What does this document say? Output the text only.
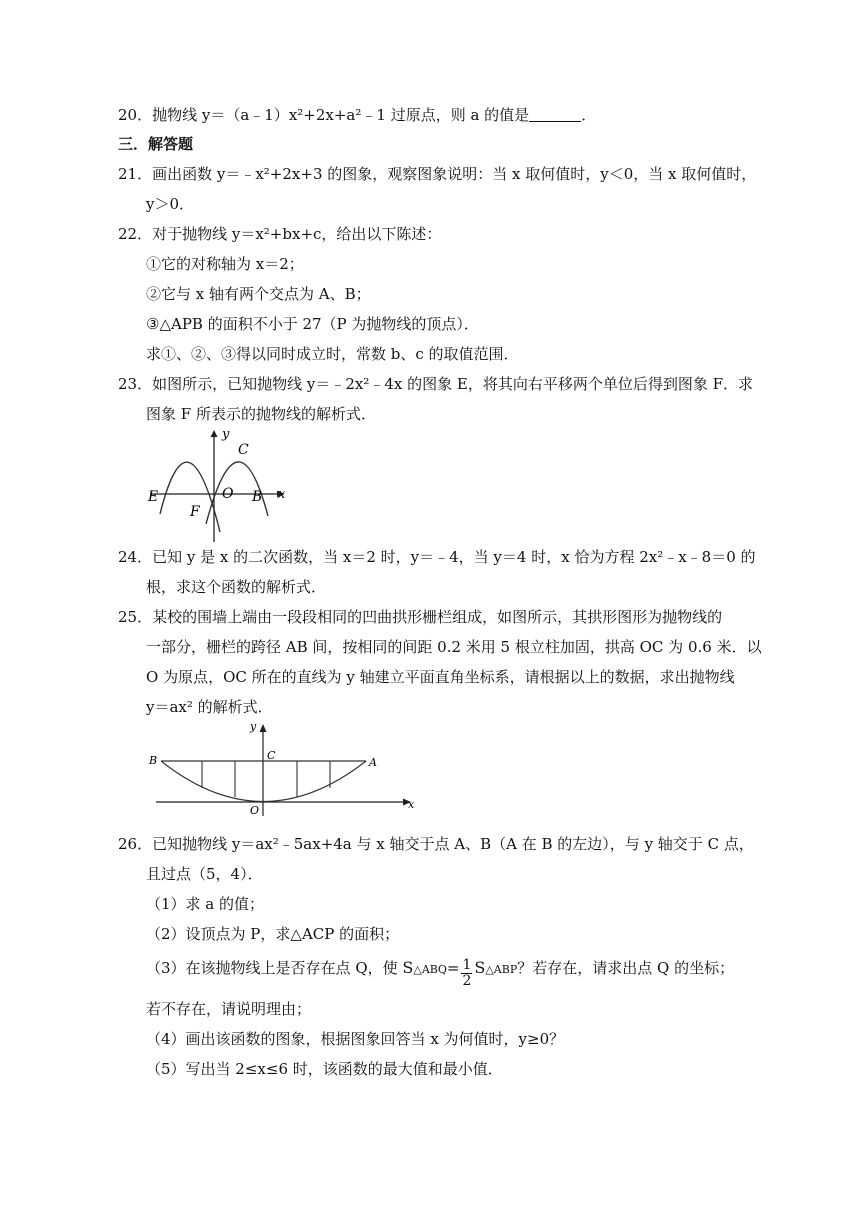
20．抛物线 y＝（a﹣1）x²+2x+a²﹣1 过原点，则 a 的值是	．
三．解答题
21．画出函数 y＝﹣x²+2x+3 的图象，观察图象说明：当 x 取何值时，y＜0，当 x 取何值时，
y＞0．
22．对于抛物线 y＝x²+bx+c，给出以下陈述：
①它的对称轴为 x＝2；
②它与 x 轴有两个交点为 A、B；
③△APB 的面积不小于 27（P 为抛物线的顶点）．
求①、②、③得以同时成立时，常数 b、c 的取值范围．
23．如图所示，已知抛物线 y＝﹣2x²﹣4x 的图象 E，将其向右平移两个单位后得到图象 F．求
图象 F 所表示的抛物线的解析式．
y
C
E	O B x
F
24．已知 y 是 x 的二次函数，当 x＝2 时，y＝﹣4，当 y＝4 时，x 恰为方程 2x²﹣x﹣8＝0 的
根，求这个函数的解析式．
25．某校的围墙上端由一段段相同的凹曲拱形栅栏组成，如图所示，其拱形图形为抛物线的
一部分，栅栏的跨径 AB 间，按相同的间距 0.2 米用 5 根立柱加固，拱高 OC 为 0.6 米．以
O 为原点，OC 所在的直线为 y 轴建立平面直角坐标系，请根据以上的数据，求出抛物线
y＝ax² 的解析式．
y
C
B	A
O	x
26．已知抛物线 y＝ax²﹣5ax+4a 与 x 轴交于点 A、B（A 在 B 的左边），与 y 轴交于 C 点，
且过点（5，4）．
（1）求 a 的值；
（2）设顶点为 P，求△ACP 的面积；
（3）在该抛物线上是否存在点 Q，使 S△ABQ= $\frac{1}{2}$ S△ABP？若存在，请求出点 Q 的坐标；
若不存在，请说明理由；
（4）画出该函数的图象，根据图象回答当 x 为何值时，y≥0？
（5）写出当 2≤x≤6 时，该函数的最大值和最小值．
